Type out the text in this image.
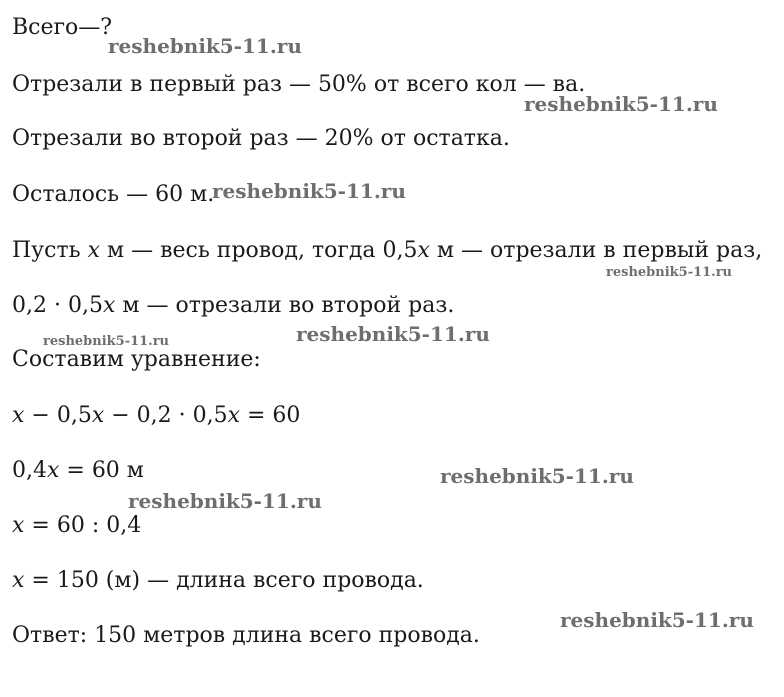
Всего—?
Отрезали в первый раз — 50% от всего кол — ва.
Отрезали во второй раз — 20% от остатка.
Осталось — 60 м.
Пусть 𝑥 м — весь провод, тогда 0,5𝑥 м — отрезали в первый раз,
0,2 · 0,5𝑥 м — отрезали во второй раз.
Составим уравнение:
𝑥 − 0,5𝑥 − 0,2 · 0,5𝑥 = 60
0,4𝑥 = 60 м
𝑥 = 60 : 0,4
𝑥 = 150 (м) — длина всего провода.
Ответ: 150 метров длина всего провода.
reshebnik5-11.ru
reshebnik5-11.ru
reshebnik5-11.ru
reshebnik5-11.ru
reshebnik5-11.ru	reshebnik5-11.ru
reshebnik5-11.ru
reshebnik5-11.ru
reshebnik5-11.ru
